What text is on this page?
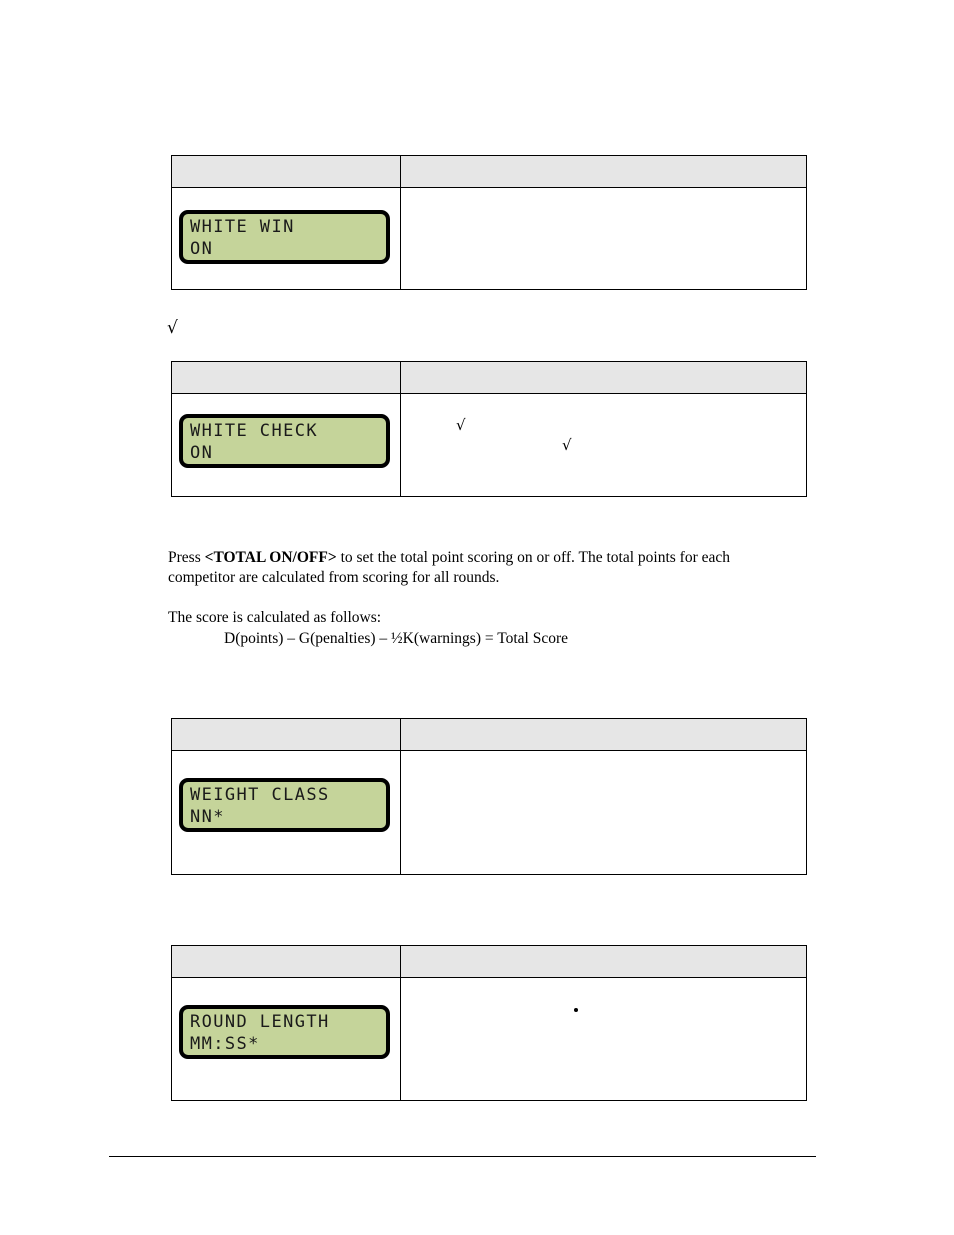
WHITE WIN
ON
√
WHITE CHECK
ON
√
√
Press <TOTAL ON/OFF> to set the total point scoring on or off. The total points for each
competitor are calculated from scoring for all rounds.
The score is calculated as follows:
D(points) – G(penalties) – ½K(warnings) = Total Score
WEIGHT CLASS
NN*
ROUND LENGTH
MM:SS*
